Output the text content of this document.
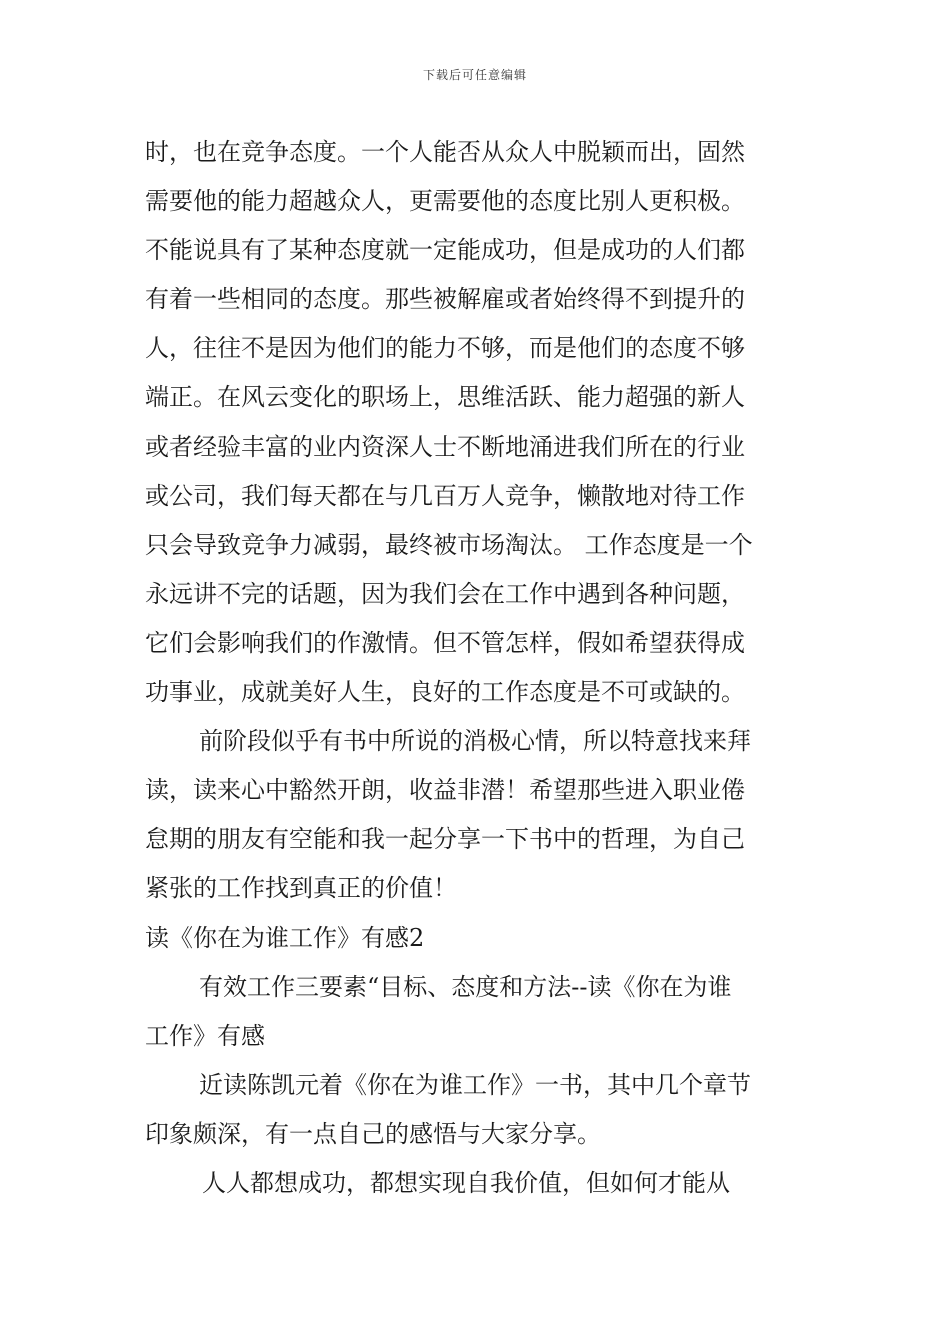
下载后可任意编辑
时，也在竞争态度。一个人能否从众人中脱颖而出，固然
需要他的能力超越众人，更需要他的态度比别人更积极。
不能说具有了某种态度就一定能成功，但是成功的人们都
有着一些相同的态度。那些被解雇或者始终得不到提升的
人，往往不是因为他们的能力不够，而是他们的态度不够
端正。在风云变化的职场上，思维活跃、能力超强的新人
或者经验丰富的业内资深人士不断地涌进我们所在的行业
或公司，我们每天都在与几百万人竞争，懒散地对待工作
只会导致竞争力减弱，最终被市场淘汰。 工作态度是一个
永远讲不完的话题，因为我们会在工作中遇到各种问题，
它们会影响我们的作激情。但不管怎样，假如希望获得成
功事业，成就美好人生，良好的工作态度是不可或缺的。
前阶段似乎有书中所说的消极心情，所以特意找来拜
读，读来心中豁然开朗，收益非潜！希望那些进入职业倦
怠期的朋友有空能和我一起分享一下书中的哲理，为自己
紧张的工作找到真正的价值！
读《你在为谁工作》有感2
有效工作三要素“目标、态度和方法--读《你在为谁
工作》有感
近读陈凯元着《你在为谁工作》一书，其中几个章节
印象颇深，有一点自己的感悟与大家分享。
人人都想成功，都想实现自我价值，但如何才能从
